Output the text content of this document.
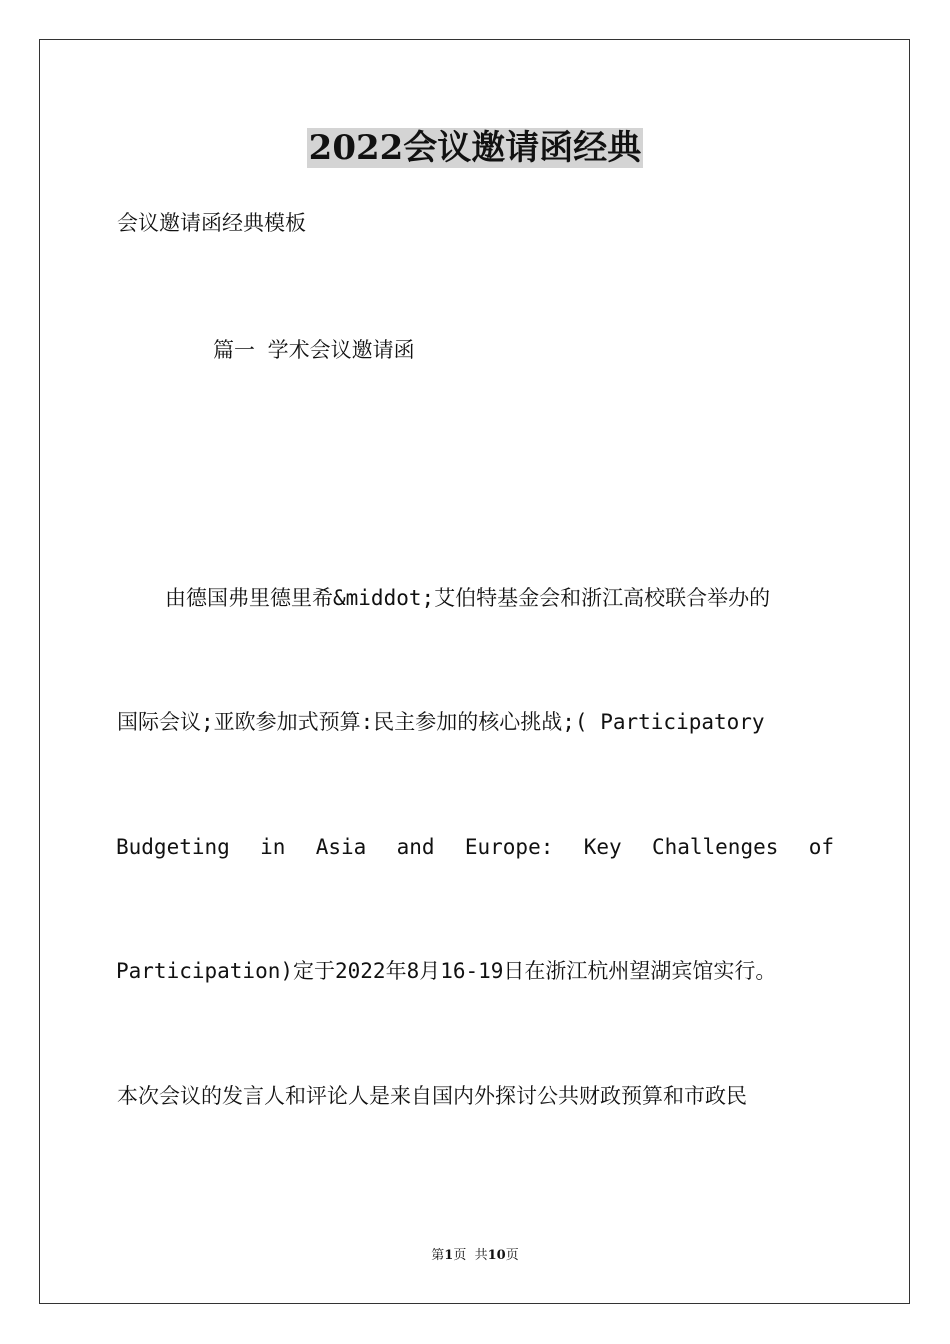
2022会议邀请函经典
会议邀请函经典模板
篇一 学术会议邀请函
由德国弗里德里希&middot;艾伯特基金会和浙江高校联合举办的
国际会议;亚欧参加式预算:民主参加的核心挑战;( Participatory
Budgeting in Asia and Europe: Key Challenges of
Participation)定于2022年8月16-19日在浙江杭州望湖宾馆实行。
本次会议的发言人和评论人是来自国内外探讨公共财政预算和市政民
第1页  共10页
